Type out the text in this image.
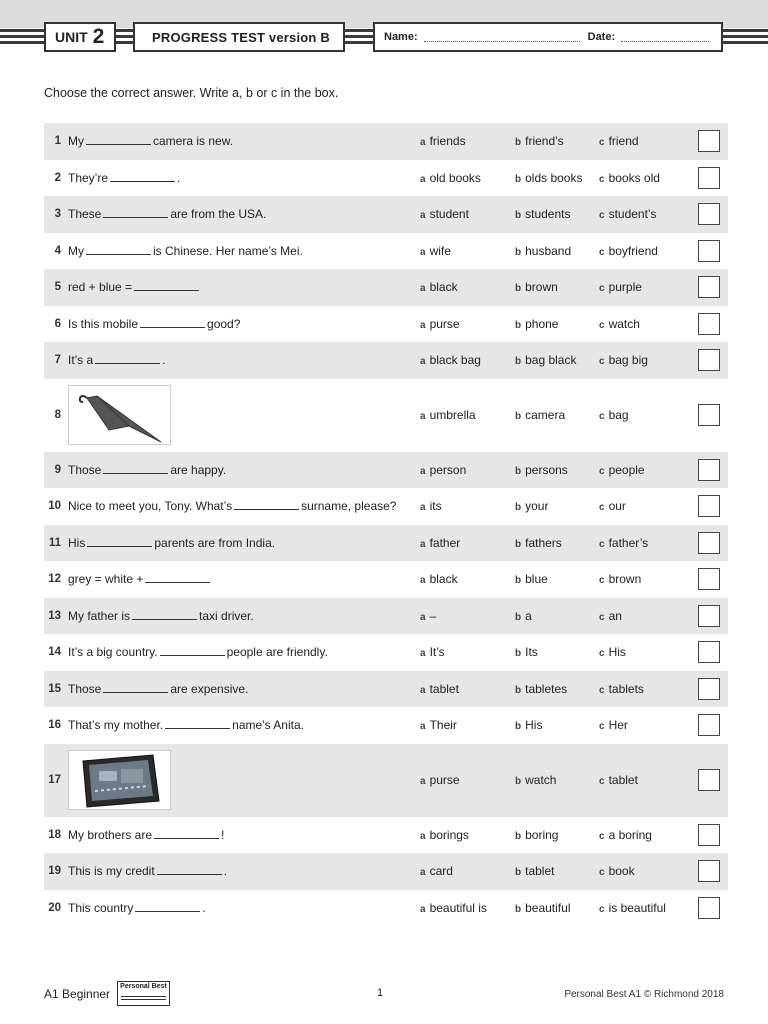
UNIT 2	PROGRESS TEST version B	Name:	Date:
Choose the correct answer. Write a, b or c in the box.
1 My	camera is new.	a friends	b friend’s	c friend
2 They’re	.	a old books	b olds books c books old
3 These	are from the USA.	a student	b students	c student’s
4 My	is Chinese. Her name’s Mei.	a wife	b husband	c boyfriend
5 red + blue =	a black	b brown	c purple
6 Is this mobile	good?	a purse	b phone	c watch
7 It’s a	.	a black bag	b bag black c bag big
8	a umbrella	b camera	c bag
9 Those	are happy.	a person	b persons	c people
10 Nice to meet you, Tony. What’s	surname, please? a its	b your	c our
11 His	parents are from India.	a father	b fathers	c father’s
12 grey = white +	a black	b blue	c brown
13 My father is	taxi driver.	a –	b a	c an
14 It’s a big country.	people are friendly.	a It’s	b Its	c His
15 Those	are expensive.	a tablet	b tabletes	c tablets
16 That’s my mother.	name’s Anita.	a Their	b His	c Her
17	a purse	b watch	c tablet
18 My brothers are	!	a borings	b boring	c a boring
19 This is my credit	.	a card	b tablet	c book
20 This country	.	a beautiful is	b beautiful	c is beautiful
A1 Beginner
Personal Best
1	Personal Best A1 © Richmond 2018
